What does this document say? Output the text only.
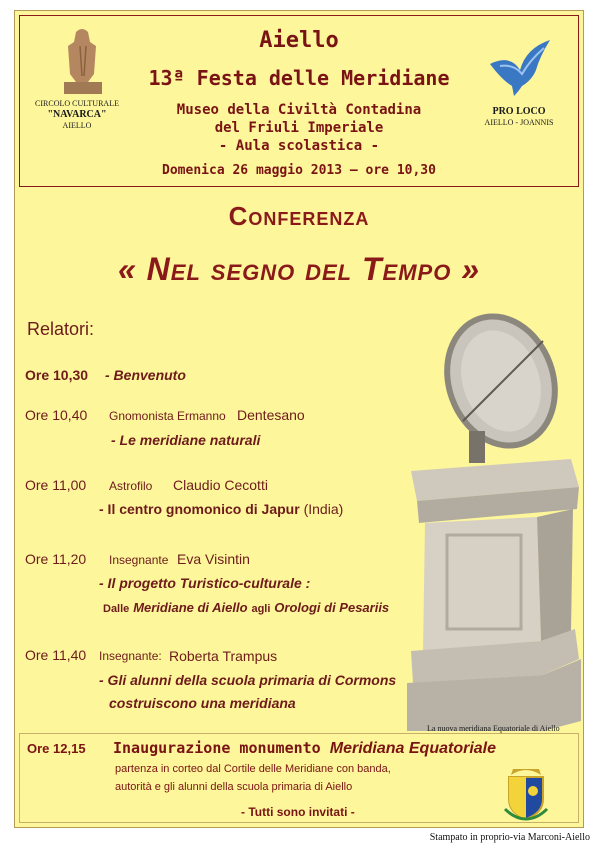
CIRCOLO CULTURALE
"NAVARCA"
AIELLO
Aiello
13ª Festa delle Meridiane
Museo della Civiltà Contadina
del Friuli Imperiale
- Aula scolastica -
Domenica 26 maggio 2013 — ore 10,30
PRO LOCO
AIELLO - JOANNIS
Conferenza
« Nel segno del Tempo »
Relatori:
Ore 10,30 - Benvenuto
Ore 10,40 Gnomonista Ermanno Dentesano
- Le meridiane naturali
Ore 11,00 Astrofilo Claudio Cecotti
- Il centro gnomonico di Japur (India)
Ore 11,20 Insegnante Eva Visintin
- Il progetto Turistico-culturale :
Dalle Meridiane di Aiello agli Orologi di Pesariis
Ore 11,40 Insegnante: Roberta Trampus
- Gli alunni della scuola primaria di Cormons
costruiscono una meridiana
La nuova meridiana Equatoriale di Aiello
Ore 12,15 Inaugurazione monumento Meridiana Equatoriale
partenza in corteo dal Cortile delle Meridiane con banda,
autorità e gli alunni della scuola primaria di Aiello
- Tutti sono invitati -
Stampato in proprio-via Marconi-Aiello
